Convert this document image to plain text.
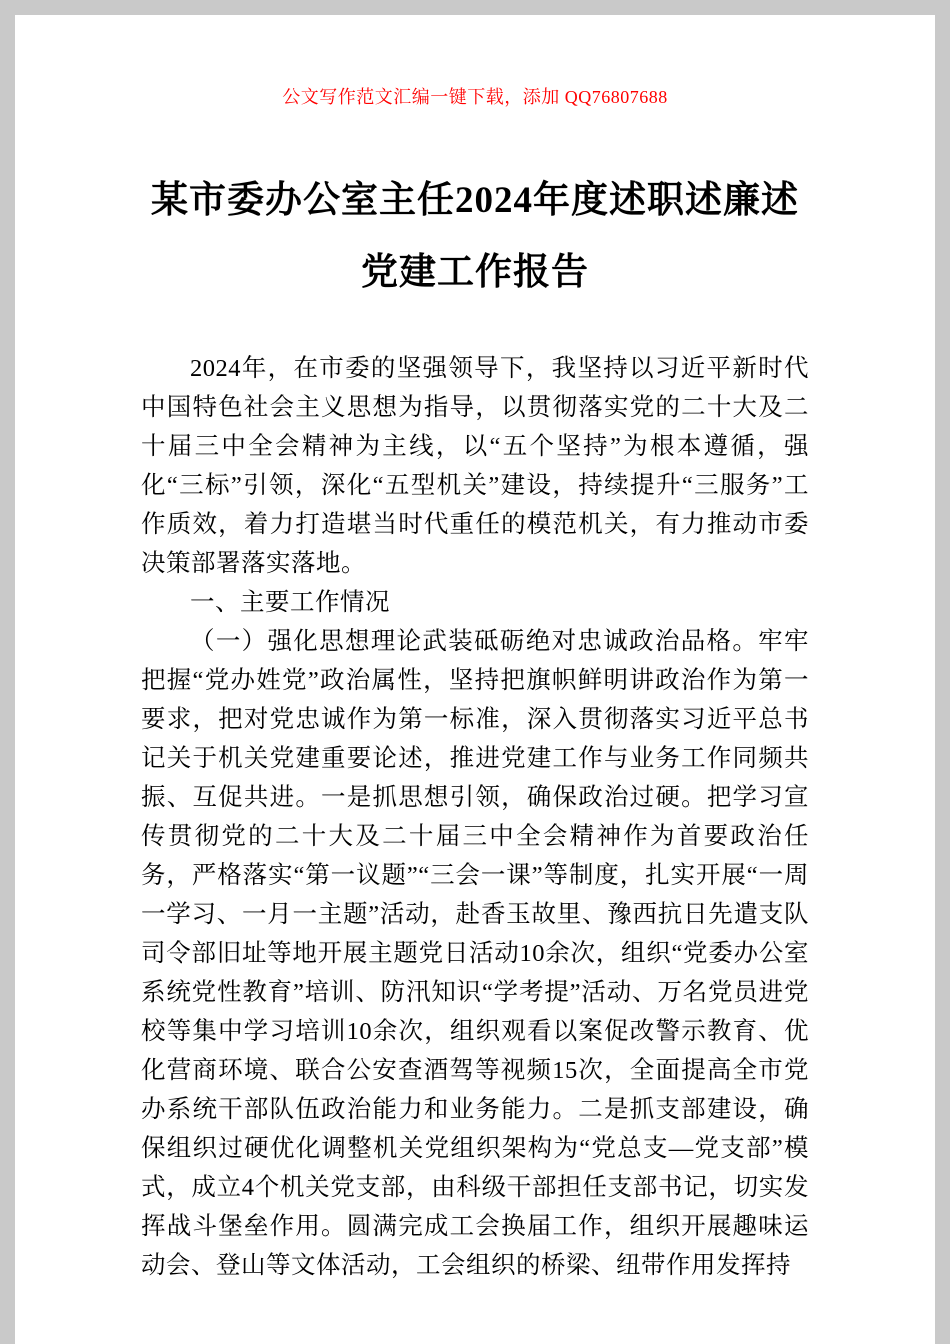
公文写作范文汇编一键下载，添加 QQ76807688
某市委办公室主任2024年度述职述廉述党建工作报告

2024年，在市委的坚强领导下，我坚持以习近平新时代中国特色社会主义思想为指导，以贯彻落实党的二十大及二十届三中全会精神为主线，以“五个坚持”为根本遵循，强化“三标”引领，深化“五型机关”建设，持续提升“三服务”工作质效，着力打造堪当时代重任的模范机关，有力推动市委决策部署落实落地。

一、主要工作情况

（一）强化思想理论武装砥砺绝对忠诚政治品格。牢牢把握“党办姓党”政治属性，坚持把旗帜鲜明讲政治作为第一要求，把对党忠诚作为第一标准，深入贯彻落实习近平总书记关于机关党建重要论述，推进党建工作与业务工作同频共振、互促共进。一是抓思想引领，确保政治过硬。把学习宣传贯彻党的二十大及二十届三中全会精神作为首要政治任务，严格落实“第一议题”“三会一课”等制度，扎实开展“一周一学习、一月一主题”活动，赴香玉故里、豫西抗日先遣支队司令部旧址等地开展主题党日活动10余次，组织“党委办公室系统党性教育”培训、防汛知识“学考提”活动、万名党员进党校等集中学习培训10余次，组织观看以案促改警示教育、优化营商环境、联合公安查酒驾等视频15次，全面提高全市党办系统干部队伍政治能力和业务能力。二是抓支部建设，确保组织过硬优化调整机关党组织架构为“党总支—党支部”模式，成立4个机关党支部，由科级干部担任支部书记，切实发挥战斗堡垒作用。圆满完成工会换届工作，组织开展趣味运动会、登山等文体活动，工会组织的桥梁、纽带作用发挥持
